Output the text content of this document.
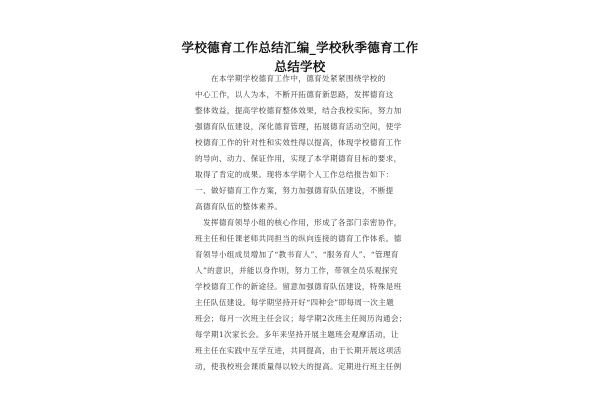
学校德育工作总结汇编_学校秋季德育工作
总结学校
　　在本学期学校德育工作中，德育处紧紧围绕学校的
中心工作，以人为本，不断开拓德育新思路，发挥德育这
整体效益，提高学校德育整体效果，结合我校实际，努力加
强德育队伍建设，深化德育管理，拓展德育活动空间，使学
校德育工作的针对性和实效性得以提高，体现学校德育工作
的导向、动力、保证作用，实现了本学期德育目标的要求，
取得了肯定的成果。现将本学期个人工作总结报告如下：
一、做好德育工作方案，努力加强德育队伍建设，不断提
高德育队伍的整体素养。
　发挥德育领导小组的核心作用，形成了各部门亲密协作，
班主任和任课老师共同担当的纵向连接的德育工作体系。德
育领导小组成员增加了“教书育人”、“服务育人”、“管理育
人”的意识，并能以身作则，努力工作，带领全员乐观探究
学校德育工作的新途径。留意加强德育队伍建设，特殊是班
主任队伍建设。每学期坚持开好“四种会”即每周一次主题
班会；每月一次班主任会议；每学期2次班主任阅历沟通会；
每学期1次家长会。多年来坚持开展主题班会观摩活动，让
班主任在实践中互学互进，共同提高，由于长期开展这项活
动，使我校班会课质量得以较大的提高。定期进行班主任例
